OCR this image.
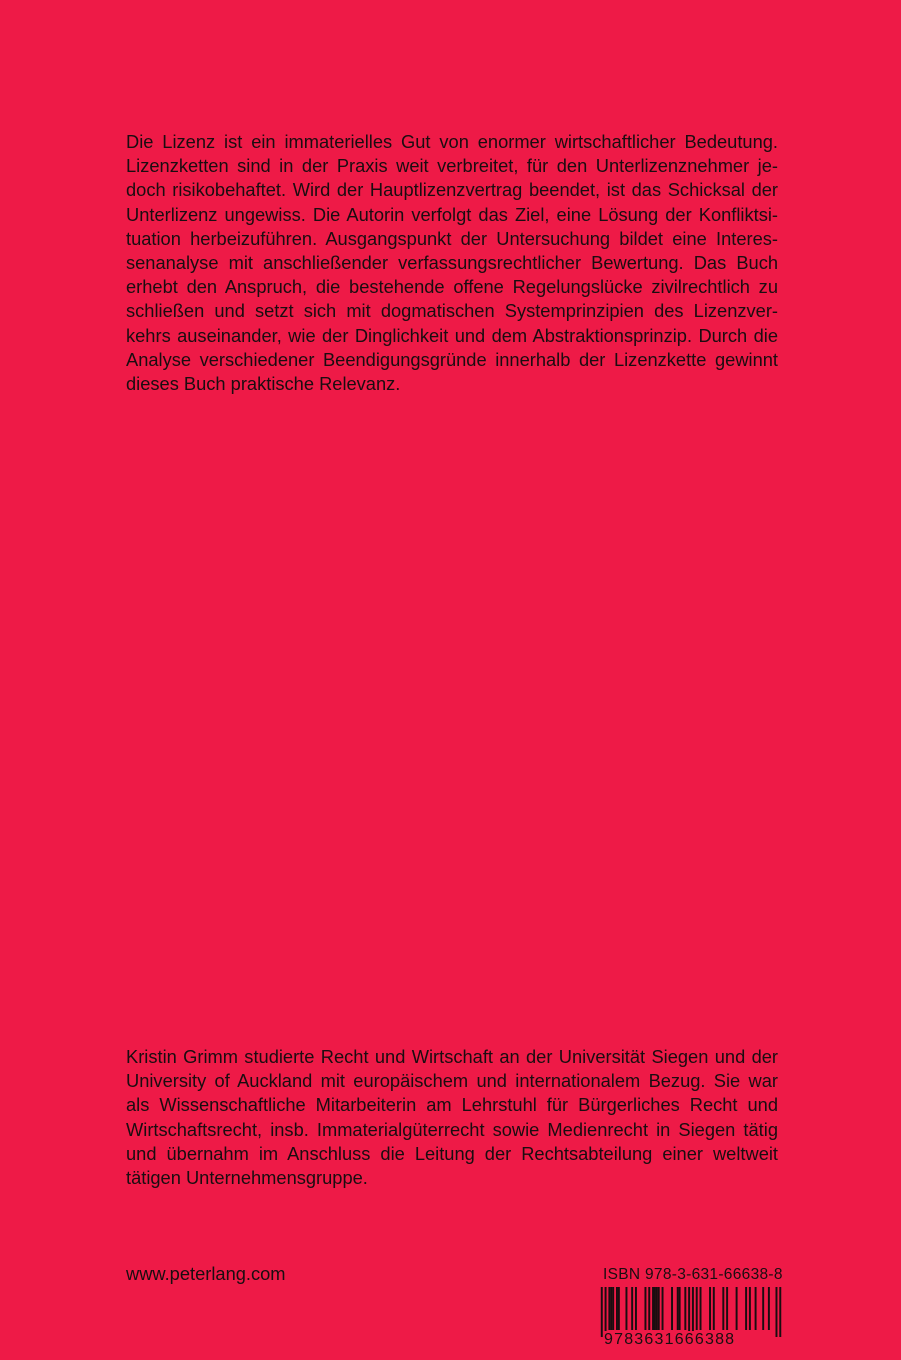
Die Lizenz ist ein immaterielles Gut von enormer wirtschaftlicher Bedeutung.
Lizenzketten sind in der Praxis weit verbreitet, für den Unterlizenznehmer je-
doch risikobehaftet. Wird der Hauptlizenzvertrag beendet, ist das Schicksal der
Unterlizenz ungewiss. Die Autorin verfolgt das Ziel, eine Lösung der Konfliktsi-
tuation herbeizuführen. Ausgangspunkt der Untersuchung bildet eine Interes-
senanalyse mit anschließender verfassungsrechtlicher Bewertung. Das Buch
erhebt den Anspruch, die bestehende offene Regelungslücke zivilrechtlich zu
schließen und setzt sich mit dogmatischen Systemprinzipien des Lizenzver-
kehrs auseinander, wie der Dinglichkeit und dem Abstraktionsprinzip. Durch die
Analyse verschiedener Beendigungsgründe innerhalb der Lizenzkette gewinnt
dieses Buch praktische Relevanz.
Kristin Grimm studierte Recht und Wirtschaft an der Universität Siegen und der
University of Auckland mit europäischem und internationalem Bezug. Sie war
als Wissenschaftliche Mitarbeiterin am Lehrstuhl für Bürgerliches Recht und
Wirtschaftsrecht, insb. Immaterialgüterrecht sowie Medienrecht in Siegen tätig
und übernahm im Anschluss die Leitung der Rechtsabteilung einer weltweit
tätigen Unternehmensgruppe.
www.peterlang.com	ISBN 978-3-631-66638-8
9783631666388
